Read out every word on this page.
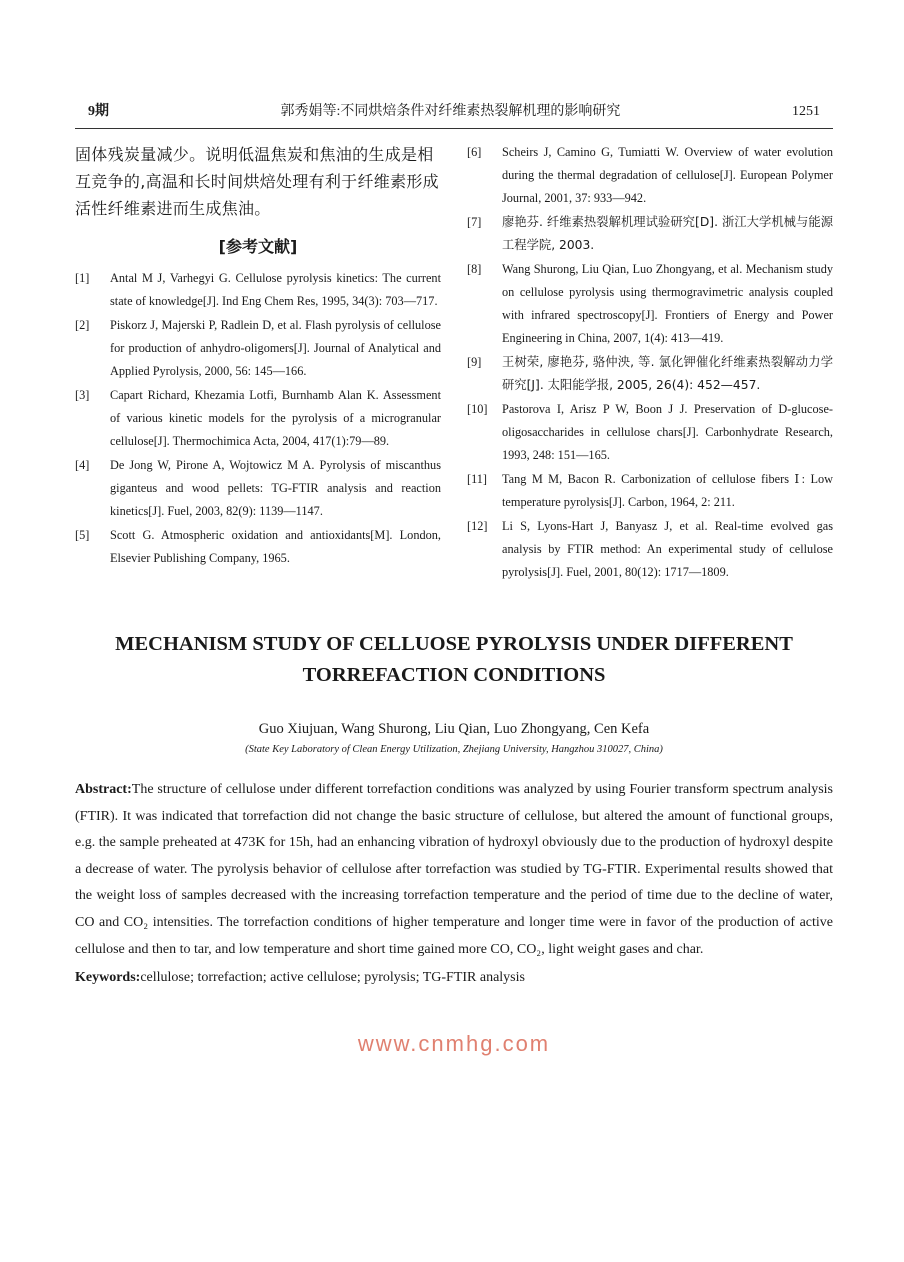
9期	郭秀娟等:不同烘焙条件对纤维素热裂解机理的影响研究	1251
固体残炭量减少。说明低温焦炭和焦油的生成是相互竞争的,高温和长时间烘焙处理有利于纤维素形成活性纤维素进而生成焦油。
[参考文献]
[1] Antal M J, Varhegyi G. Cellulose pyrolysis kinetics: The current state of knowledge[J]. Ind Eng Chem Res, 1995, 34(3): 703—717.
[2] Piskorz J, Majerski P, Radlein D, et al. Flash pyrolysis of cellulose for production of anhydro-oligomers[J]. Journal of Analytical and Applied Pyrolysis, 2000, 56: 145—166.
[3] Capart Richard, Khezamia Lotfi, Burnhamb Alan K. Assessment of various kinetic models for the pyrolysis of a microgranular cellulose[J]. Thermochimica Acta, 2004, 417(1):79—89.
[4] De Jong W, Pirone A, Wojtowicz M A. Pyrolysis of miscanthus giganteus and wood pellets: TG-FTIR analysis and reaction kinetics[J]. Fuel, 2003, 82(9): 1139—1147.
[5] Scott G. Atmospheric oxidation and antioxidants[M]. London, Elsevier Publishing Company, 1965.
[6] Scheirs J, Camino G, Tumiatti W. Overview of water evolution during the thermal degradation of cellulose[J]. European Polymer Journal, 2001, 37: 933—942.
[7] 廖艳芬. 纤维素热裂解机理试验研究[D]. 浙江大学机械与能源工程学院, 2003.
[8] Wang Shurong, Liu Qian, Luo Zhongyang, et al. Mechanism study on cellulose pyrolysis using thermogravimetric analysis coupled with infrared spectroscopy[J]. Frontiers of Energy and Power Engineering in China, 2007, 1(4): 413—419.
[9] 王树荣, 廖艳芬, 骆仲泱, 等. 氯化钾催化纤维素热裂解动力学研究[J]. 太阳能学报, 2005, 26(4): 452—457.
[10] Pastorova I, Arisz P W, Boon J J. Preservation of D-glucose-oligosaccharides in cellulose chars[J]. Carbonhydrate Research, 1993, 248: 151—165.
[11] Tang M M, Bacon R. Carbonization of cellulose fibers Ⅰ: Low temperature pyrolysis[J]. Carbon, 1964, 2: 211.
[12] Li S, Lyons-Hart J, Banyasz J, et al. Real-time evolved gas analysis by FTIR method: An experimental study of cellulose pyrolysis[J]. Fuel, 2001, 80(12): 1717—1809.
MECHANISM STUDY OF CELLUOSE PYROLYSIS UNDER DIFFERENT
TORREFACTION CONDITIONS
Guo Xiujuan, Wang Shurong, Liu Qian, Luo Zhongyang, Cen Kefa
(State Key Laboratory of Clean Energy Utilization, Zhejiang University, Hangzhou 310027, China)
Abstract:The structure of cellulose under different torrefaction conditions was analyzed by using Fourier transform spectrum analysis (FTIR). It was indicated that torrefaction did not change the basic structure of cellulose, but altered the amount of functional groups, e.g. the sample preheated at 473K for 15h, had an enhancing vibration of hydroxyl obviously due to the production of hydroxyl despite a decrease of water. The pyrolysis behavior of cellulose after torrefaction was studied by TG-FTIR. Experimental results showed that the weight loss of samples decreased with the increasing torrefaction temperature and the period of time due to the decline of water, CO and CO₂ intensities. The torrefaction conditions of higher temperature and longer time were in favor of the production of active cellulose and then to tar, and low temperature and short time gained more CO, CO₂, light weight gases and char.
Keywords:cellulose; torrefaction; active cellulose; pyrolysis; TG-FTIR analysis
www.cnmhg.com
